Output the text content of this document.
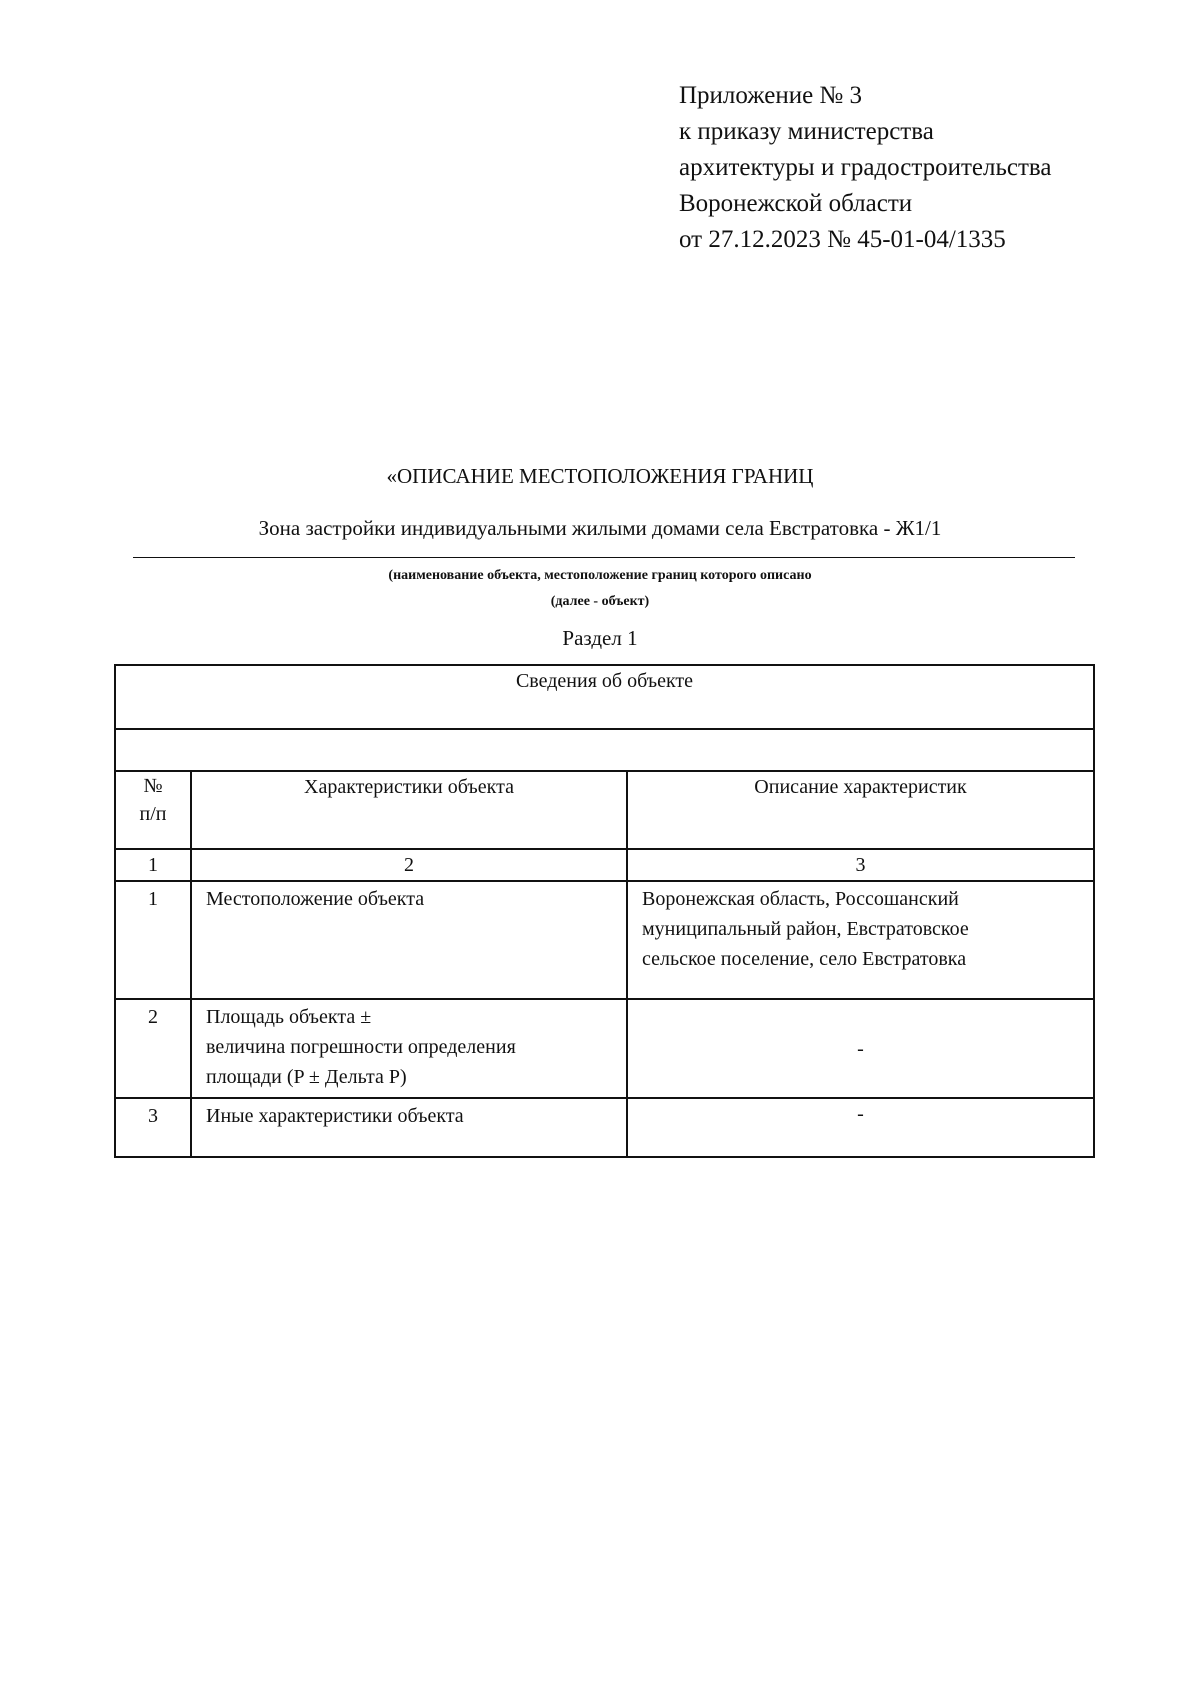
Приложение № 3
к приказу министерства
архитектуры и градостроительства
Воронежской области
от 27.12.2023 № 45-01-04/1335
«ОПИСАНИЕ МЕСТОПОЛОЖЕНИЯ ГРАНИЦ
Зона застройки индивидуальными жилыми домами села Евстратовка - Ж1/1
(наименование объекта, местоположение границ которого описано
(далее - объект)
Раздел 1
Сведения об объекте		

№
п/п	Характеристики объекта	Описание характеристик
1	2	3
1	Местоположение объекта	Воронежская область, Россошанский
муниципальный район, Евстратовское
сельское поселение, село Евстратовка

2	Площадь объекта ±
величина погрешности определения
площади (P ± Дельта P)	-
3	Иные характеристики объекта	-
